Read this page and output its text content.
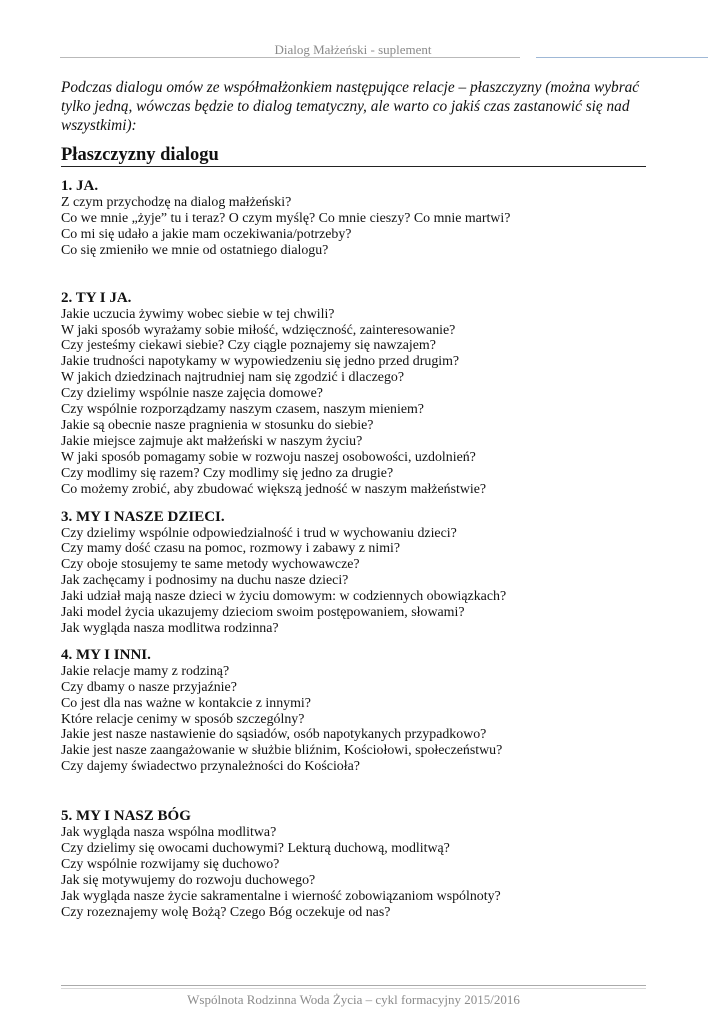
Dialog Małżeński - suplement
Podczas dialogu omów ze współmałżonkiem następujące relacje – płaszczyzny (można wybrać tylko jedną, wówczas będzie to dialog tematyczny, ale warto co jakiś czas zastanowić się nad wszystkimi):
Płaszczyzny dialogu
1. JA.
Z czym przychodzę na dialog małżeński?
Co we mnie „żyje” tu i teraz? O czym myślę? Co mnie cieszy? Co mnie martwi?
Co mi się udało a jakie mam oczekiwania/potrzeby?
Co się zmieniło we mnie od ostatniego dialogu?
2. TY I JA.
Jakie uczucia żywimy wobec siebie w tej chwili?
W jaki sposób wyrażamy sobie miłość, wdzięczność, zainteresowanie?
Czy jesteśmy ciekawi siebie? Czy ciągle poznajemy się nawzajem?
Jakie trudności napotykamy w wypowiedzeniu się jedno przed drugim?
W jakich dziedzinach najtrudniej nam się zgodzić i dlaczego?
Czy dzielimy wspólnie nasze zajęcia domowe?
Czy wspólnie rozporządzamy naszym czasem, naszym mieniem?
Jakie są obecnie nasze pragnienia w stosunku do siebie?
Jakie miejsce zajmuje akt małżeński w naszym życiu?
W jaki sposób pomagamy sobie w rozwoju naszej osobowości, uzdolnień?
Czy modlimy się razem? Czy modlimy się jedno za drugie?
Co możemy zrobić, aby zbudować większą jedność w naszym małżeństwie?
3. MY I NASZE DZIECI.
Czy dzielimy wspólnie odpowiedzialność i trud w wychowaniu dzieci?
Czy mamy dość czasu na pomoc, rozmowy i zabawy z nimi?
Czy oboje stosujemy te same metody wychowawcze?
Jak zachęcamy i podnosimy na duchu nasze dzieci?
Jaki udział mają nasze dzieci w życiu domowym: w codziennych obowiązkach?
Jaki model życia ukazujemy dzieciom swoim postępowaniem, słowami?
Jak wygląda nasza modlitwa rodzinna?
4. MY I INNI.
Jakie relacje mamy z rodziną?
Czy dbamy o nasze przyjaźnie?
Co jest dla nas ważne w kontakcie z innymi?
Które relacje cenimy w sposób szczególny?
Jakie jest nasze nastawienie do sąsiadów, osób napotykanych przypadkowo?
Jakie jest nasze zaangażowanie w służbie bliźnim, Kościołowi, społeczeństwu?
Czy dajemy świadectwo przynależności do Kościoła?
5. MY I NASZ BÓG
Jak wygląda nasza wspólna modlitwa?
Czy dzielimy się owocami duchowymi? Lekturą duchową, modlitwą?
Czy wspólnie rozwijamy się duchowo?
Jak się motywujemy do rozwoju duchowego?
Jak wygląda nasze życie sakramentalne i wierność zobowiązaniom wspólnoty?
Czy rozeznajemy wolę Bożą? Czego Bóg oczekuje od nas?
Wspólnota Rodzinna Woda Życia – cykl formacyjny 2015/2016
